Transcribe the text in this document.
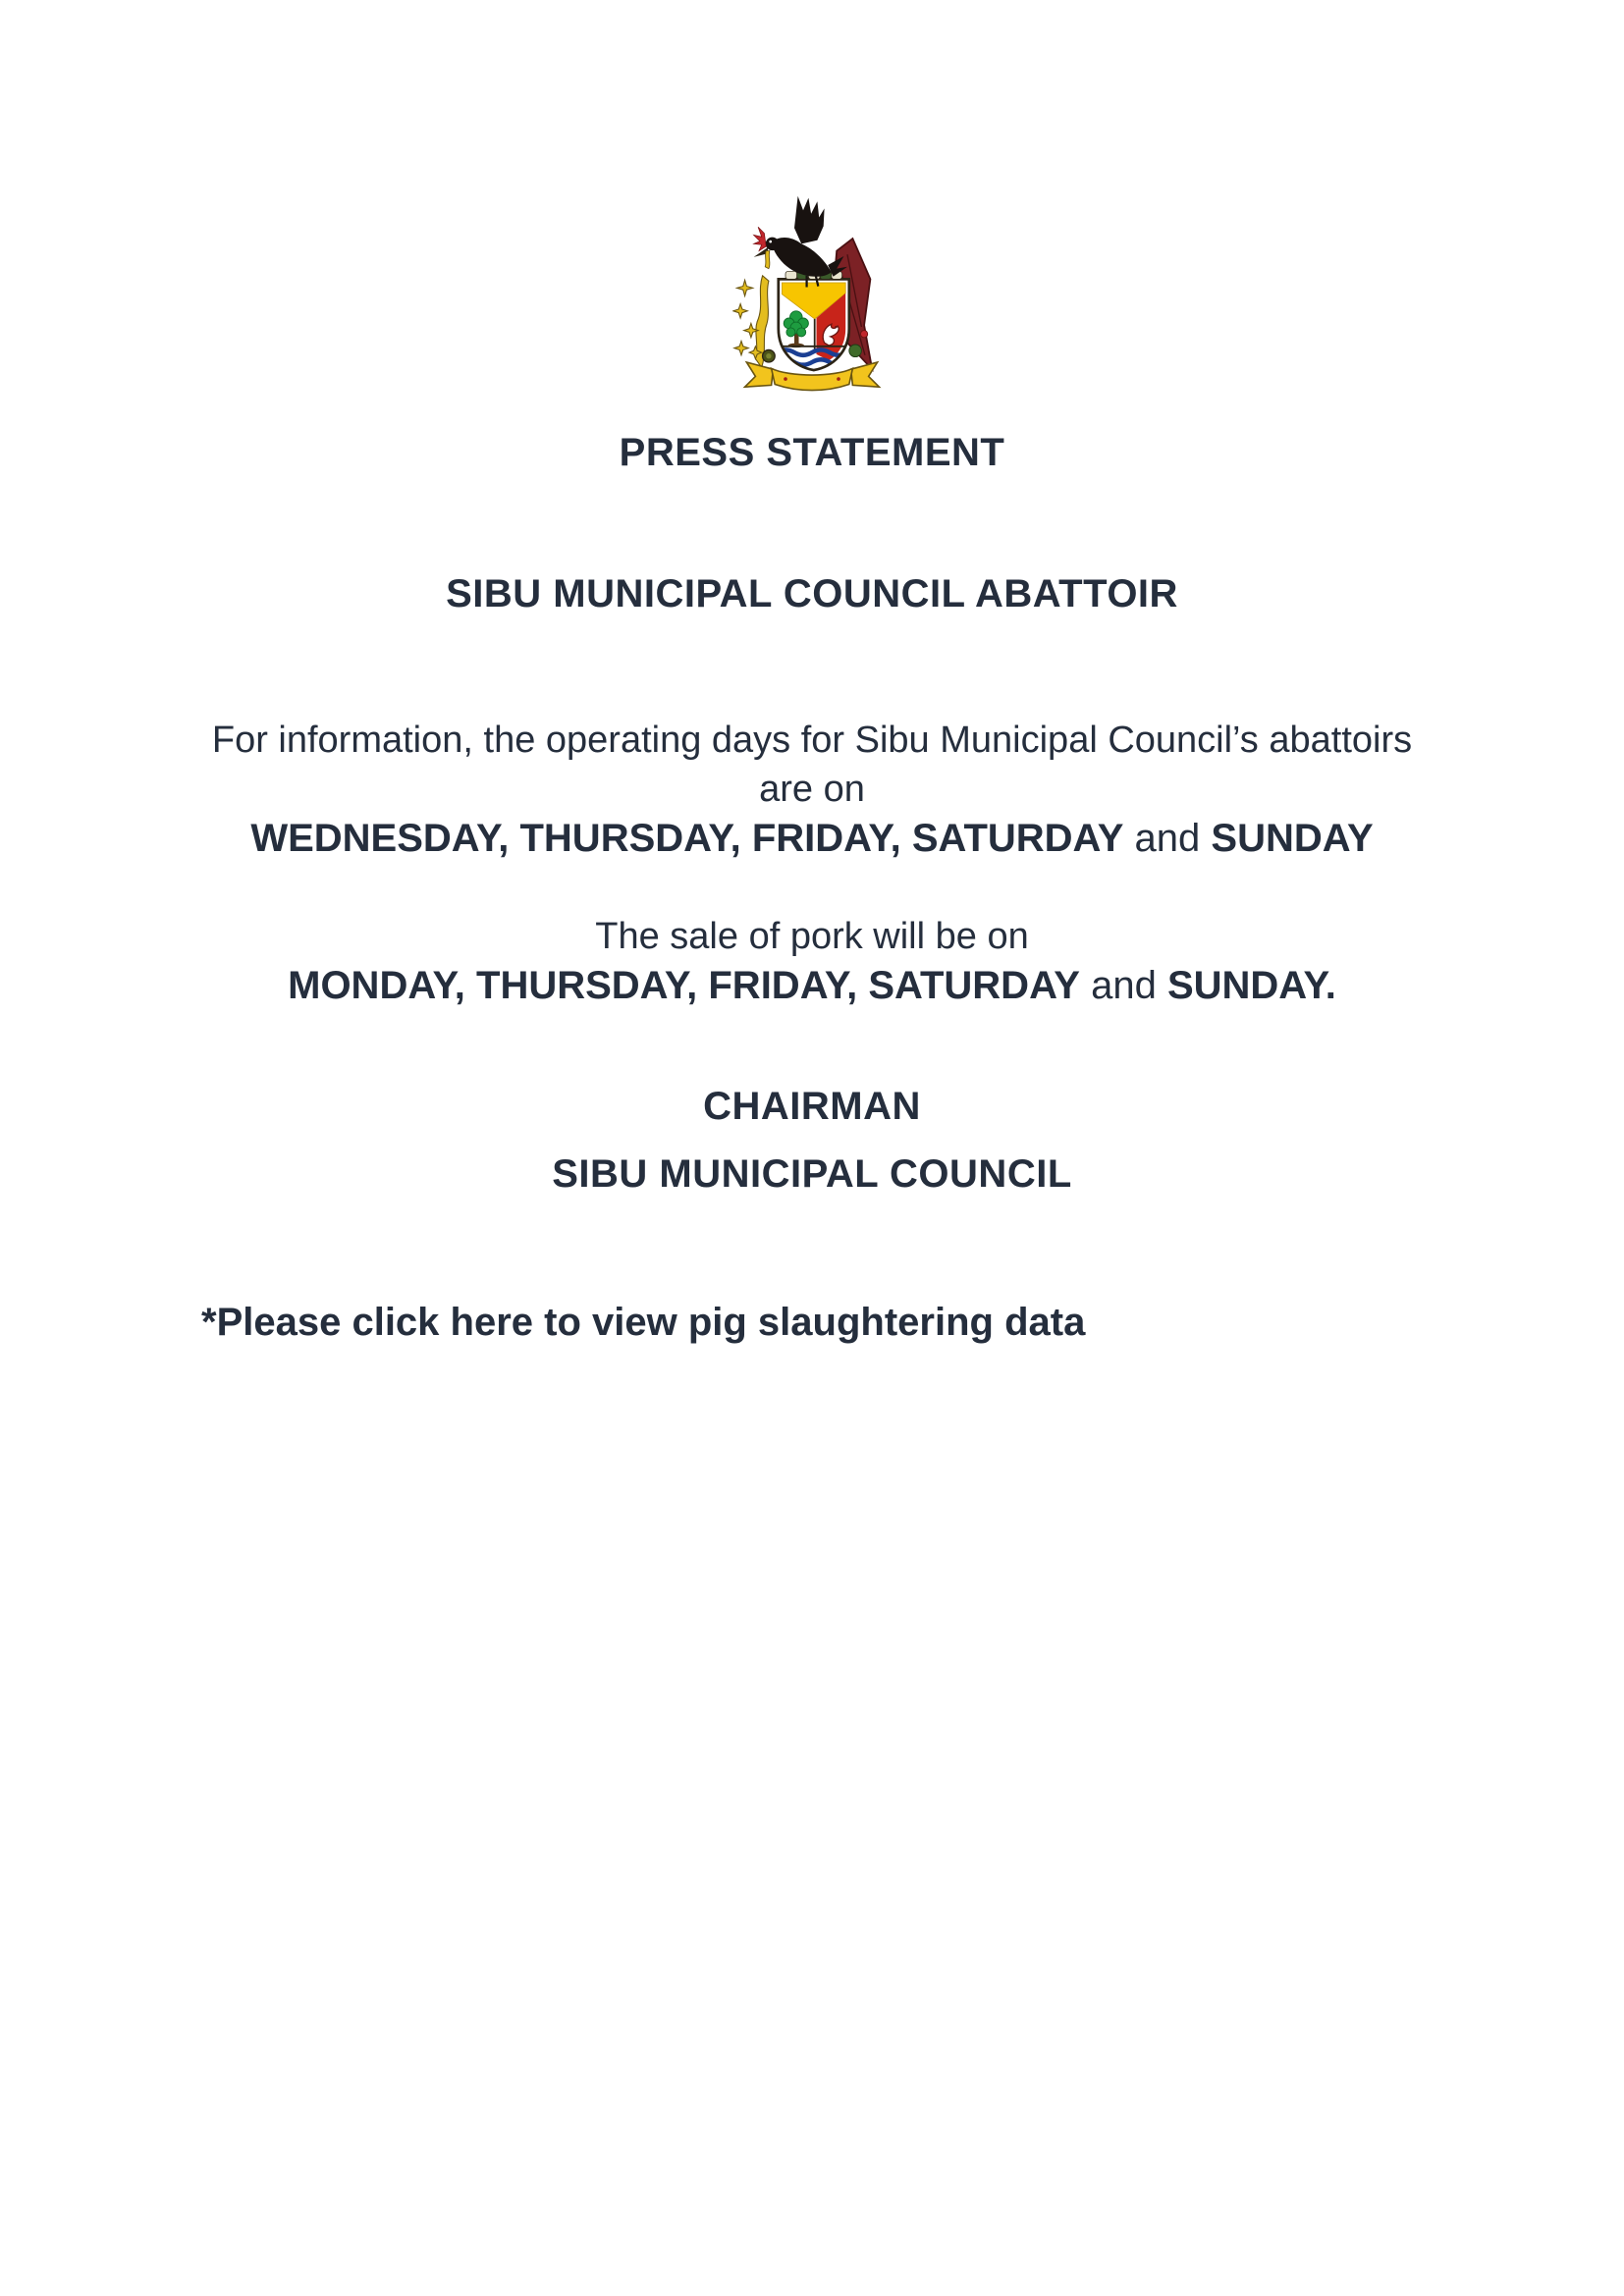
PRESS STATEMENT
SIBU MUNICIPAL COUNCIL ABATTOIR
For information, the operating days for Sibu Municipal Council’s abattoirs
are on
WEDNESDAY, THURSDAY, FRIDAY, SATURDAY and SUNDAY
The sale of pork will be on
MONDAY, THURSDAY, FRIDAY, SATURDAY and SUNDAY.
CHAIRMAN
SIBU MUNICIPAL COUNCIL
*Please click here to view pig slaughtering data
